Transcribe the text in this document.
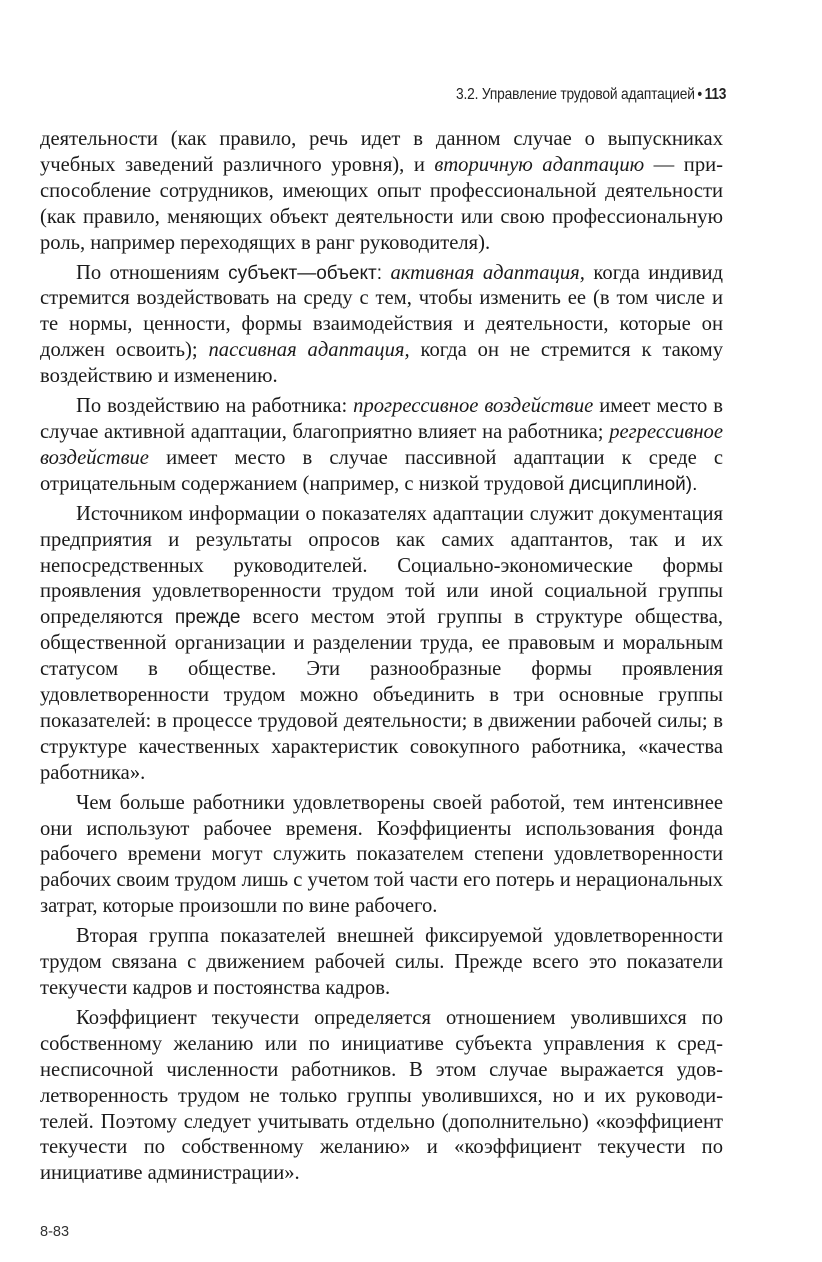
3.2. Управление трудовой адаптацией • 113

деятельности (как правило, речь идет в данном случае о выпускниках учебных заведений различного уровня), и вторичную адаптацию — приспособление сотрудников, имеющих опыт профессиональной деятельности (как правило, меняющих объект деятельности или свою профессиональную роль, например переходящих в ранг руководителя).

По отношениям субъект—объект: активная адаптация, когда индивид стремится воздействовать на среду с тем, чтобы изменить ее (в том числе и те нормы, ценности, формы взаимодействия и деятельности, которые он должен освоить); пассивная адаптация, когда он не стремится к такому воздействию и изменению.

По воздействию на работника: прогрессивное воздействие имеет место в случае активной адаптации, благоприятно влияет на работника; регрессивное воздействие имеет место в случае пассивной адаптации к среде с отрицательным содержанием (например, с низкой трудовой дисциплиной).

Источником информации о показателях адаптации служит документация предприятия и результаты опросов как самих адаптантов, так и их непосредственных руководителей. Социально-экономические формы проявления удовлетворенности трудом той или иной социальной группы определяются прежде всего местом этой группы в структуре общества, общественной организации и разделении труда, ее правовым и моральным статусом в обществе. Эти разнообразные формы проявления удовлетворенности трудом можно объединить в три основные группы показателей: в процессе трудовой деятельности; в движении рабочей силы; в структуре качественных характеристик совокупного работника, «качества работника».

Чем больше работники удовлетворены своей работой, тем интенсивнее они используют рабочее временя. Коэффициенты использования фонда рабочего времени могут служить показателем степени удовлетворенности рабочих своим трудом лишь с учетом той части его потерь и нерациональных затрат, которые произошли по вине рабочего.

Вторая группа показателей внешней фиксируемой удовлетворенности трудом связана с движением рабочей силы. Прежде всего это показатели текучести кадров и постоянства кадров.

Коэффициент текучести определяется отношением уволившихся по собственному желанию или по инициативе субъекта управления к среднесписочной численности работников. В этом случае выражается удовлетворенность трудом не только группы уволившихся, но и их руководителей. Поэтому следует учитывать отдельно (дополнительно) «коэффициент текучести по собственному желанию» и «коэффициент текучести по инициативе администрации».

8-83
